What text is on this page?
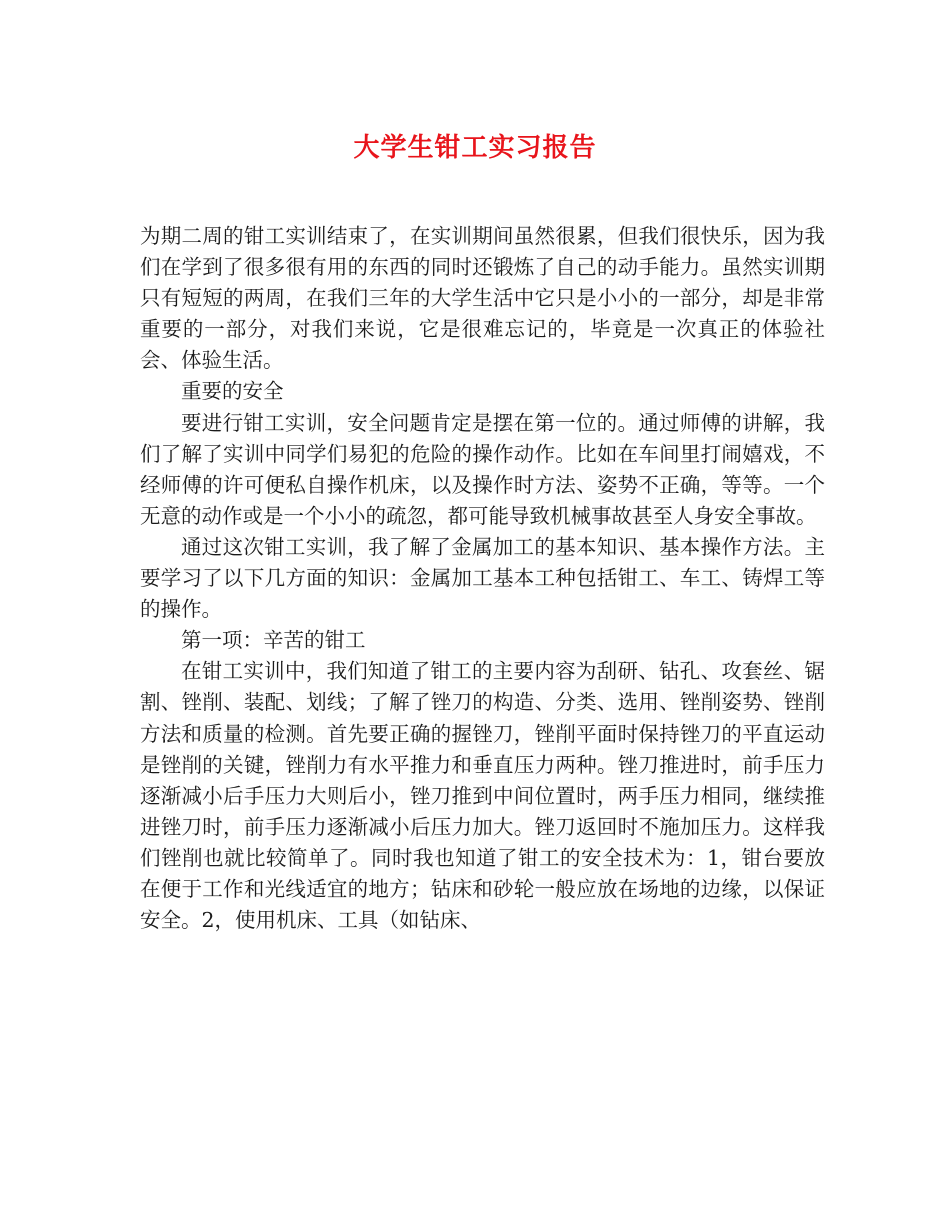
大学生钳工实习报告

为期二周的钳工实训结束了，在实训期间虽然很累，但我们很快乐，因为我们在学到了很多很有用的东西的同时还锻炼了自己的动手能力。虽然实训期只有短短的两周，在我们三年的大学生活中它只是小小的一部分，却是非常重要的一部分，对我们来说，它是很难忘记的，毕竟是一次真正的体验社会、体验生活。

重要的安全

要进行钳工实训，安全问题肯定是摆在第一位的。通过师傅的讲解，我们了解了实训中同学们易犯的危险的操作动作。比如在车间里打闹嬉戏，不经师傅的许可便私自操作机床，以及操作时方法、姿势不正确，等等。一个无意的动作或是一个小小的疏忽，都可能导致机械事故甚至人身安全事故。

通过这次钳工实训，我了解了金属加工的基本知识、基本操作方法。主要学习了以下几方面的知识：金属加工基本工种包括钳工、车工、铸焊工等的操作。

第一项：辛苦的钳工

在钳工实训中，我们知道了钳工的主要内容为刮研、钻孔、攻套丝、锯割、锉削、装配、划线；了解了锉刀的构造、分类、选用、锉削姿势、锉削方法和质量的检测。首先要正确的握锉刀，锉削平面时保持锉刀的平直运动是锉削的关键，锉削力有水平推力和垂直压力两种。锉刀推进时，前手压力逐渐减小后手压力大则后小，锉刀推到中间位置时，两手压力相同，继续推进锉刀时，前手压力逐渐减小后压力加大。锉刀返回时不施加压力。这样我们锉削也就比较简单了。同时我也知道了钳工的安全技术为：1，钳台要放在便于工作和光线适宜的地方；钻床和砂轮一般应放在场地的边缘，以保证安全。2，使用机床、工具（如钻床、
